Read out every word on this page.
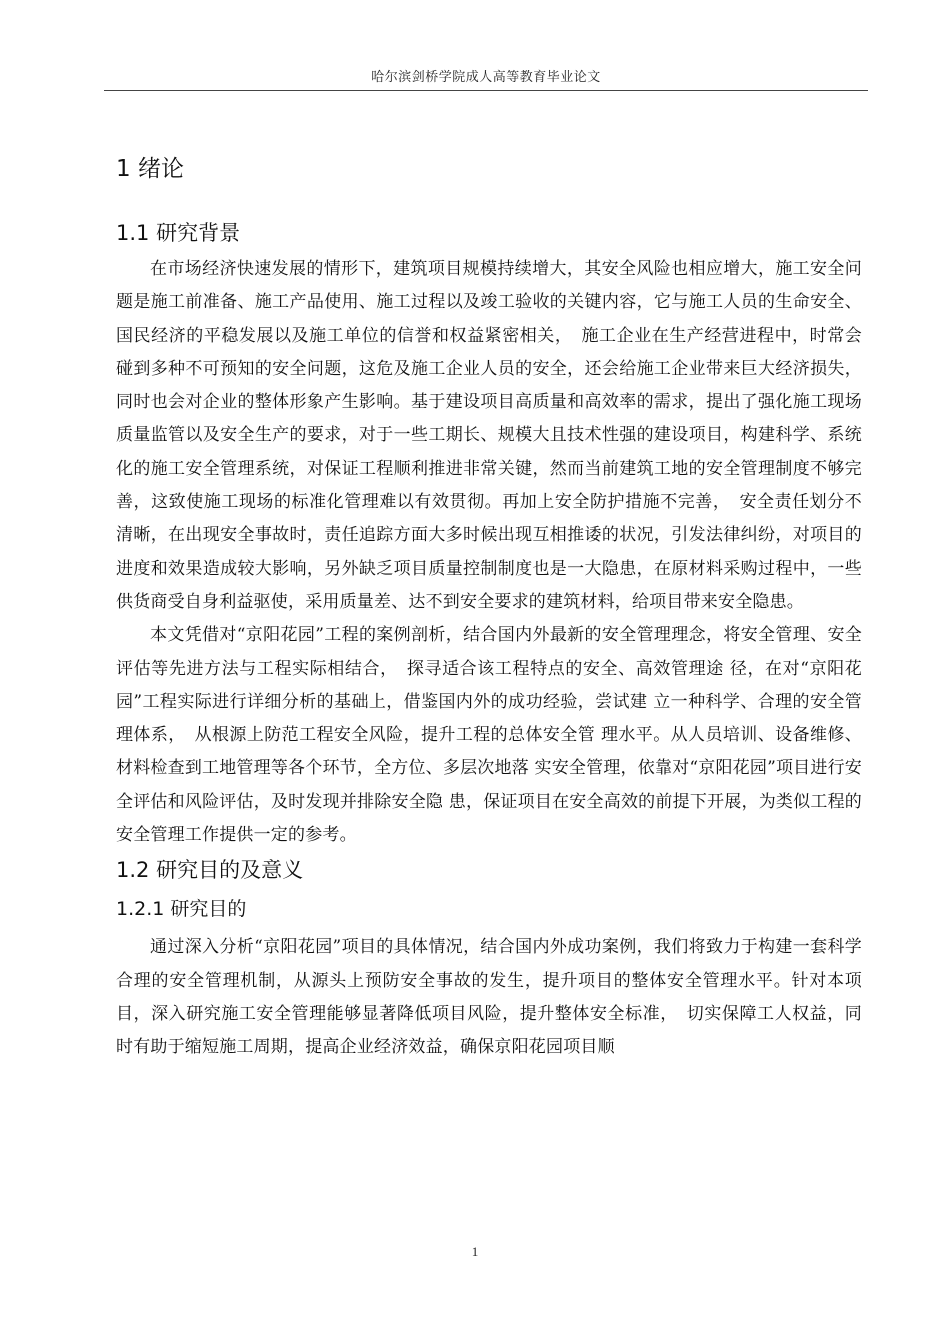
哈尔滨剑桥学院成人高等教育毕业论文
1 绪论
1.1 研究背景

在市场经济快速发展的情形下，建筑项目规模持续增大，其安全风险也相应增大，施工安全问题是施工前准备、施工产品使用、施工过程以及竣工验收的关键内容，它与施工人员的生命安全、国民经济的平稳发展以及施工单位的信誉和权益紧密相关，　施工企业在生产经营进程中，时常会碰到多种不可预知的安全问题，这危及施工企业人员的安全，还会给施工企业带来巨大经济损失，同时也会对企业的整体形象产生影响。基于建设项目高质量和高效率的需求，提出了强化施工现场质量监管以及安全生产的要求，对于一些工期长、规模大且技术性强的建设项目，构建科学、系统化的施工安全管理系统，对保证工程顺利推进非常关键，然而当前建筑工地的安全管理制度不够完善，这致使施工现场的标准化管理难以有效贯彻。再加上安全防护措施不完善，　安全责任划分不清晰，在出现安全事故时，责任追踪方面大多时候出现互相推诿的状况，引发法律纠纷，对项目的进度和效果造成较大影响，另外缺乏项目质量控制制度也是一大隐患，在原材料采购过程中，一些供货商受自身利益驱使，采用质量差、达不到安全要求的建筑材料，给项目带来安全隐患。

本文凭借对“京阳花园”工程的案例剖析，结合国内外最新的安全管理理念，将安全管理、安全评估等先进方法与工程实际相结合，　探寻适合该工程特点的安全、高效管理途 径，在对“京阳花园”工程实际进行详细分析的基础上，借鉴国内外的成功经验，尝试建 立一种科学、合理的安全管理体系，　从根源上防范工程安全风险，提升工程的总体安全管 理水平。从人员培训、设备维修、材料检查到工地管理等各个环节，全方位、多层次地落 实安全管理，依靠对“京阳花园”项目进行安全评估和风险评估，及时发现并排除安全隐 患，保证项目在安全高效的前提下开展，为类似工程的安全管理工作提供一定的参考。

1.2 研究目的及意义
1.2.1 研究目的

通过深入分析“京阳花园”项目的具体情况，结合国内外成功案例，我们将致力于构建一套科学合理的安全管理机制，从源头上预防安全事故的发生，提升项目的整体安全管理水平。针对本项目，深入研究施工安全管理能够显著降低项目风险，提升整体安全标准，　切实保障工人权益，同时有助于缩短施工周期，提高企业经济效益，确保京阳花园项目顺

1
